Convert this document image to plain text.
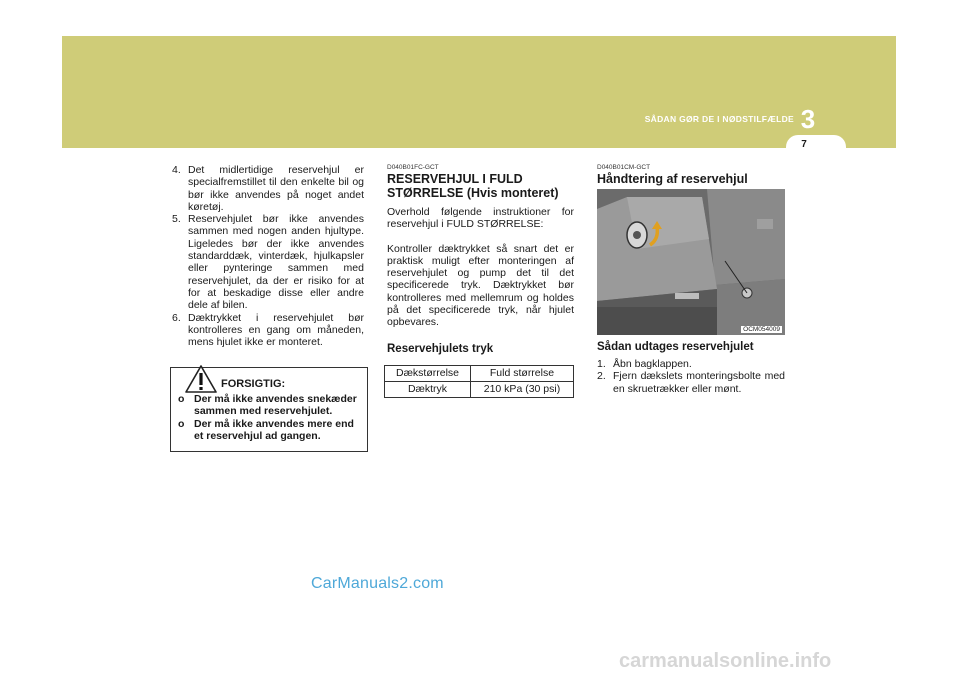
SÅDAN GØR DE I NØDSTILFÆLDE 3
7
4. Det midlertidige reservehjul er specialfremstillet til den enkelte bil og bør ikke anvendes på noget andet køretøj.
5. Reservehjulet bør ikke anvendes sammen med nogen anden hjultype. Ligeledes bør der ikke anvendes standarddæk, vinterdæk, hjulkapsler eller pynteringe sammen med reservehjulet, da der er risiko for at for at beskadige disse eller andre dele af bilen.
6. Dæktrykket i reservehjulet bør kontrolleres en gang om måneden, mens hjulet ikke er monteret.
FORSIGTIG:
o Der må ikke anvendes snekæder sammen med reservehjulet.
o Der må ikke anvendes mere end et reservehjul ad gangen.
D040B01FC-GCT
RESERVEHJUL I FULD STØRRELSE (Hvis monteret)

Overhold følgende instruktioner for reservehjul i FULD STØRRELSE:

Kontroller dæktrykket så snart det er praktisk muligt efter monteringen af reservehjulet og pump det til det specificerede tryk. Dæktrykket bør kontrolleres med mellemrum og holdes på det specificerede tryk, når hjulet opbevares.

Reservehjulets tryk
Dækstørrelse	Fuld størrelse
Dæktryk	210 kPa (30 psi)
D040B01CM-GCT
Håndtering af reservehjul
OCM054009
Sådan udtages reservehjulet
1. Åbn bagklappen.
2. Fjern dækslets monteringsbolte med en skruetrækker eller mønt.
CarManuals2.com
carmanualsonline.info
